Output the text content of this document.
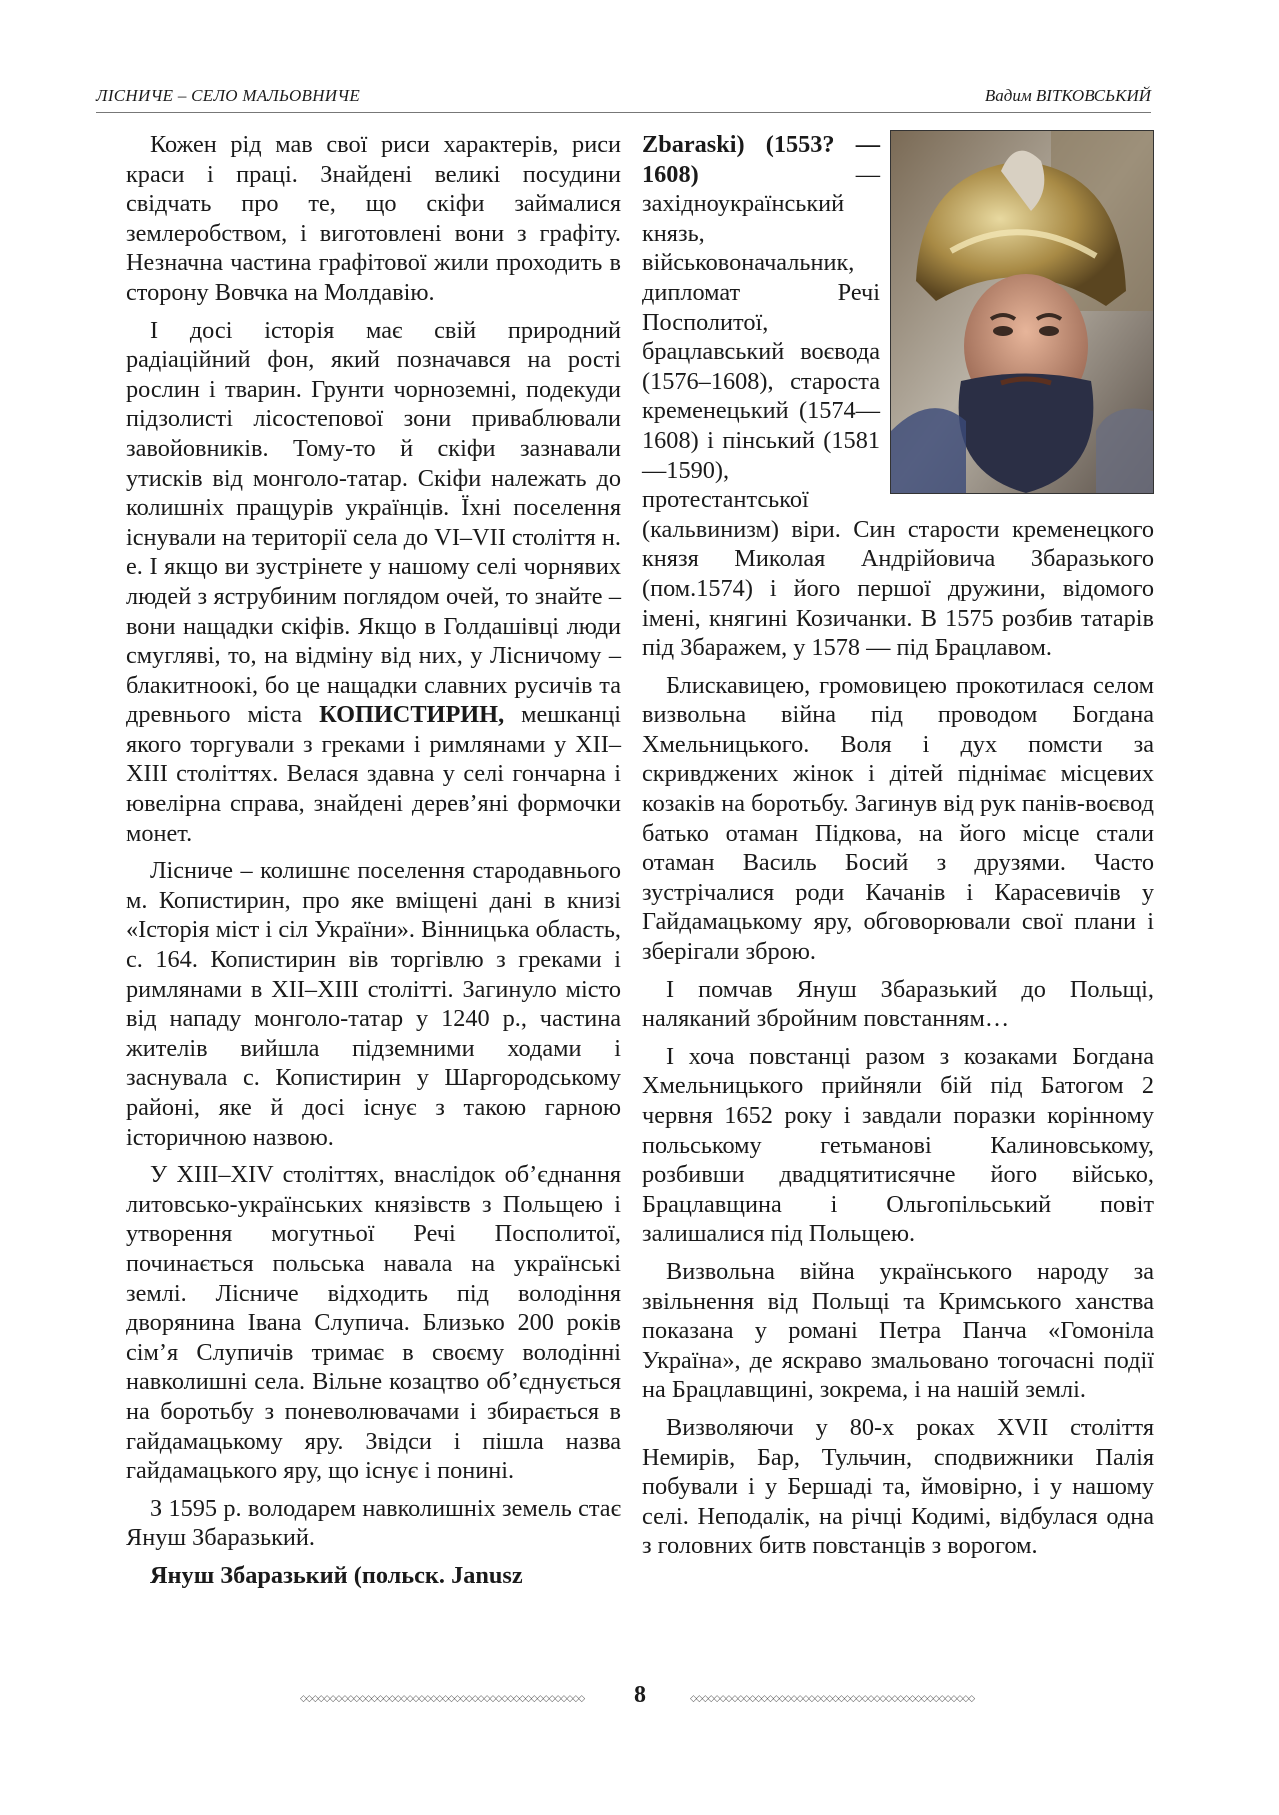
ЛІСНИЧЕ – СЕЛО МАЛЬОВНИЧЕ	Вадим ВІТКОВСЬКИЙ

Кожен рід мав свої риси характерів, риси краси і праці. Знайдені великі посудини свідчать про те, що скіфи займалися землеробством, і виготовлені вони з графіту. Незначна частина графітової жили проходить в сторону Вовчка на Молдавію.

І досі історія має свій природний радіаційний фон, який позначався на рості рослин і тварин. Грунти чорноземні, подекуди підзолисті лісостепової зони приваблювали завойовників. Тому-то й скіфи зазнавали утисків від монголо-татар. Скіфи належать до колишніх пращурів українців. Їхні поселення існували на території села до VI–VII століття н. е. І якщо ви зустрінете у нашому селі чорнявих людей з яструбиним поглядом очей, то знайте – вони нащадки скіфів. Якщо в Голдашівці люди смугляві, то, на відміну від них, у Лісничому – блакитноокі, бо це нащадки славних русичів та древнього міста КОПИСТИРИН, мешканці якого торгували з греками і римлянами у XII–XIII століттях. Велася здавна у селі гончарна і ювелірна справа, знайдені дерев’яні формочки монет.

Лісниче – колишнє поселення стародавнього м. Копистирин, про яке вміщені дані в книзі «Історія міст і сіл України». Вінницька область, с. 164. Копистирин вів торгівлю з греками і римлянами в XII–XIII столітті. Загинуло місто від нападу монголо-татар у 1240 р., частина жителів вийшла підземними ходами і заснувала с. Копистирин у Шаргородському районі, яке й досі існує з такою гарною історичною назвою.

У XIII–XIV століттях, внаслідок об’єднання литовсько-українських князівств з Польщею і утворення могутньої Речі Посполитої, починається польська навала на українські землі. Лісниче відходить під володіння дворянина Івана Слупича. Близько 200 років сім’я Слупичів тримає в своєму володінні навколишні села. Вільне козацтво об’єднується на боротьбу з поневолювачами і збирається в гайдамацькому яру. Звідси і пішла назва гайдамацького яру, що існує і понині.

З 1595 р. володарем навколишніх земель стає Януш Збаразький.

Януш Збаразький (польск. Janusz

Zbaraski) (1553? — 1608)	— західноукраїнський князь, військовоначальник, дипломат Речі Посполитої, брацлавський воєвода (1576–1608), староста кременецький (1574—1608) і пінський (1581—1590), протестантської (кальвинизм) віри. Син старости кременецкого князя Миколая Андрійовича Збаразького (пом.1574) і його першої дружини, відомого імені, княгині Козичанки. В 1575 розбив татарів під Збаражем, у 1578 — під Брацлавом.

Блискавицею, громовицею прокотилася селом визвольна війна під проводом Богдана Хмельницького. Воля і дух помсти за скривджених жінок і дітей піднімає місцевих козаків на боротьбу. Загинув від рук панів-воєвод батько отаман Підкова, на його місце стали отаман Василь Босий з друзями. Часто зустрічалися роди Качанів і Карасевичів у Гайдамацькому яру, обговорювали свої плани і зберігали зброю.

І помчав Януш Збаразький до Польщі, наляканий збройним повстанням…

І хоча повстанці разом з козаками Богдана Хмельницького прийняли бій під Батогом 2 червня 1652 року і завдали поразки корінному польському гетьманові Калиновському, розбивши двадцятитисячне його військо, Брацлавщина і Ольгопільський повіт залишалися під Польщею.

Визвольна війна українського народу за звільнення від Польщі та Кримського ханства показана у романі Петра Панча «Гомоніла Україна», де яскраво змальовано тогочасні події на Брацлавщині, зокрема, і на нашій землі.

Визволяючи у 80-х роках XVII століття Немирів, Бар, Тульчин, сподвижники Палія побували і у Бершаді та, ймовірно, і у нашому селі. Неподалік, на річці Кодимі, відбулася одна з головних битв повстанців з ворогом.

◇◇◇◇◇◇◇◇◇◇◇◇◇◇◇◇◇◇◇◇◇◇◇◇◇◇◇◇◇◇◇◇◇◇◇◇◇◇◇◇◇◇◇◇◇◇◇◇ 8	◇◇◇◇◇◇◇◇◇◇◇◇◇◇◇◇◇◇◇◇◇◇◇◇◇◇◇◇◇◇◇◇◇◇◇◇◇◇◇◇◇◇◇◇◇◇◇◇
